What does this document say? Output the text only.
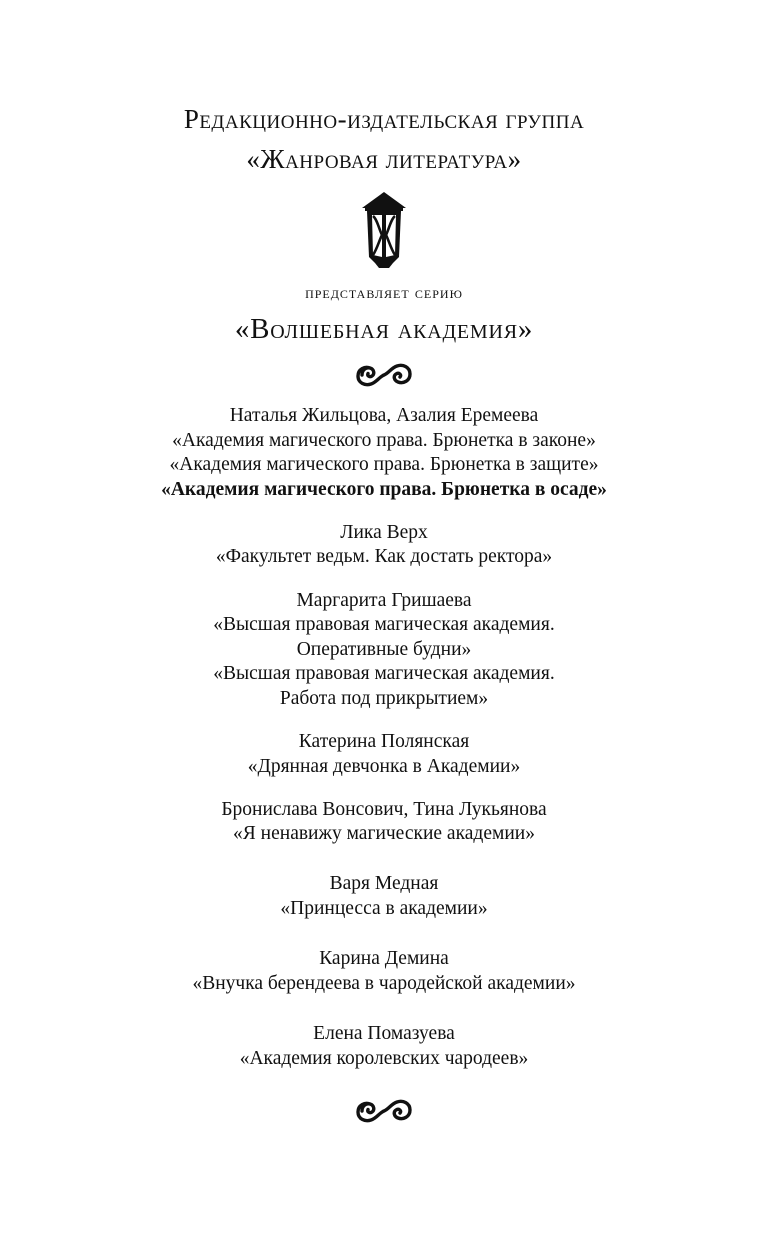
Редакционно-издательская группа
«Жанровая литература»
представляет серию
«Волшебная академия»
Наталья Жильцова, Азалия Еремеева
«Академия магического права. Брюнетка в законе»
«Академия магического права. Брюнетка в защите»
«Академия магического права. Брюнетка в осаде»
Лика Верх
«Факультет ведьм. Как достать ректора»
Маргарита Гришаева
«Высшая правовая магическая академия.
Оперативные будни»
«Высшая правовая магическая академия.
Работа под прикрытием»
Катерина Полянская
«Дрянная девчонка в Академии»
Бронислава Вонсович, Тина Лукьянова
«Я ненавижу магические академии»
Варя Медная
«Принцесса в академии»
Карина Демина
«Внучка берендеева в чародейской академии»
Елена Помазуева
«Академия королевских чародеев»
